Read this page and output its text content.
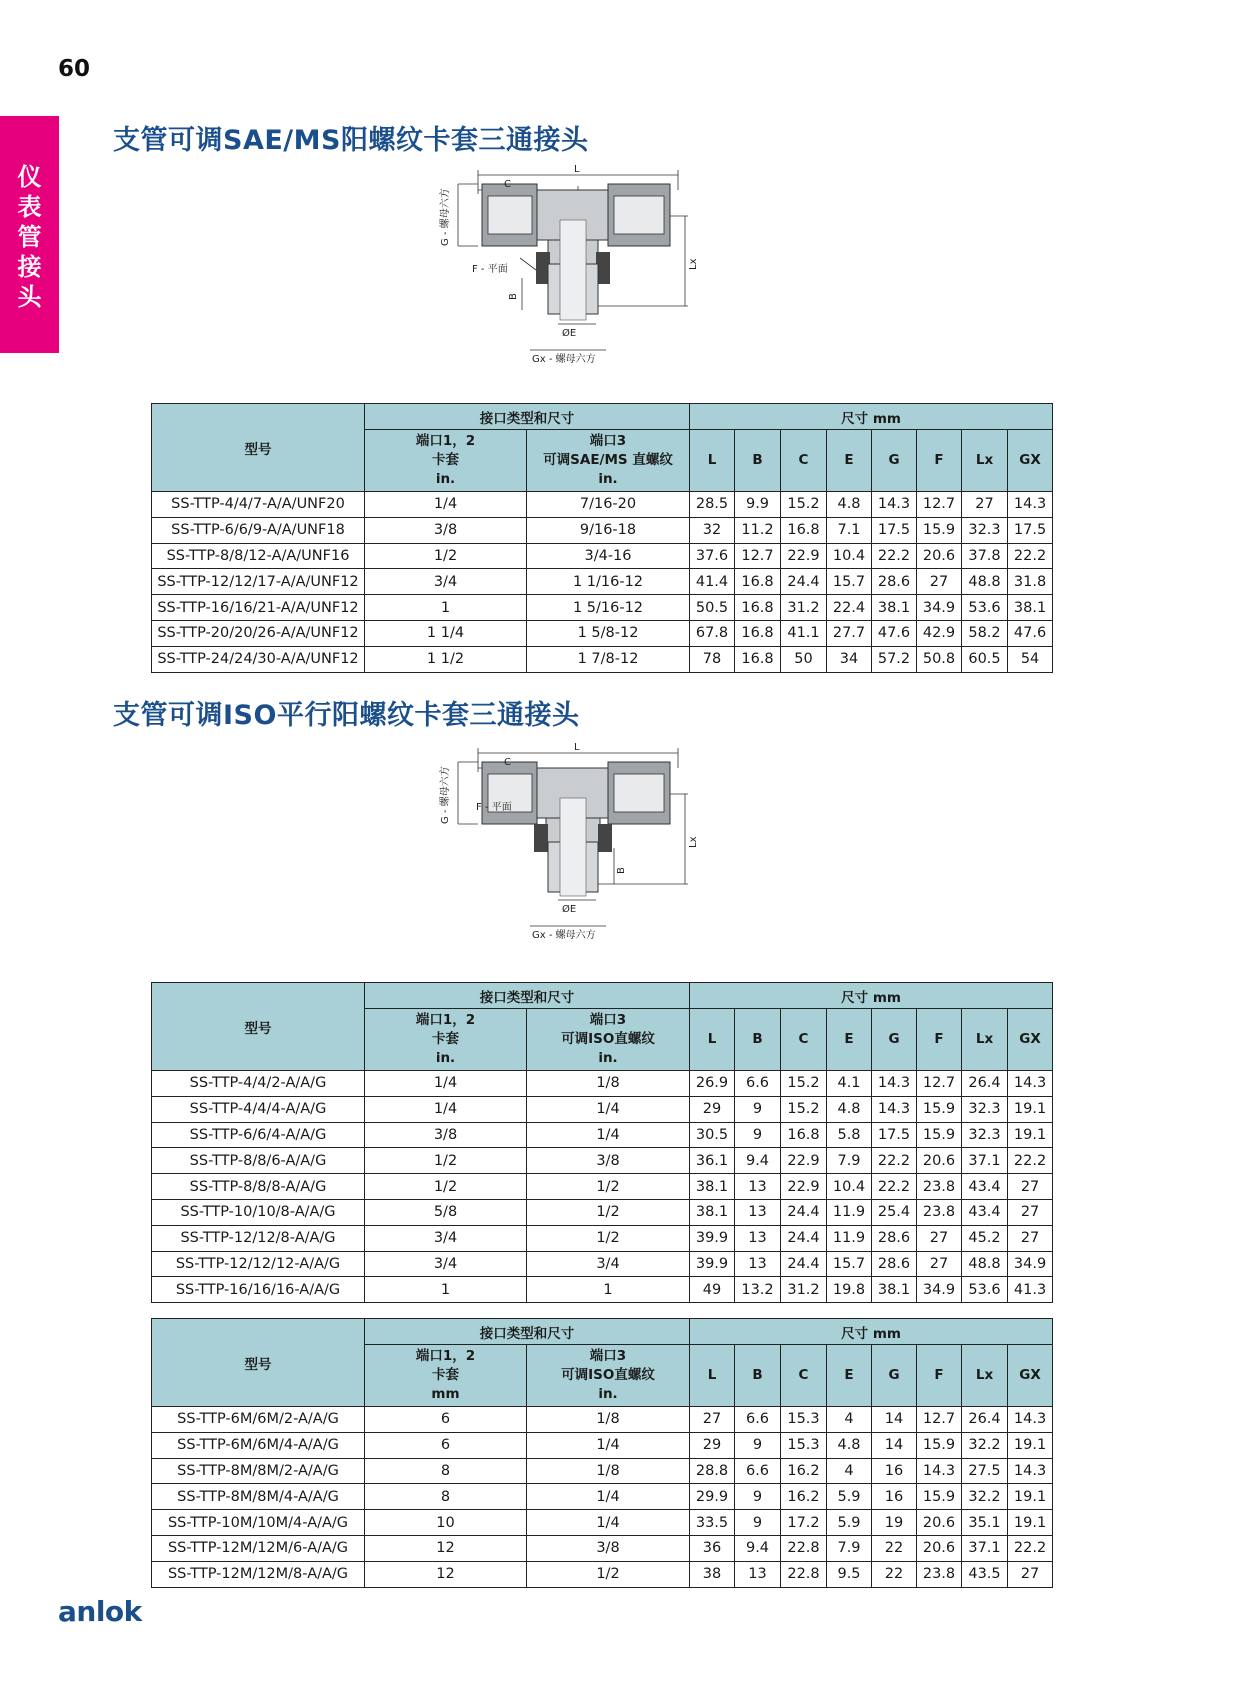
60
仪
表
管
接
头
支管可调SAE/MS阳螺纹卡套三通接头
L
C
G - 螺母六方
F - 平面
B
ØE
Gx - 螺母六方
Lx
型号	接口类型和尺寸		尺寸 mm							
	端口1，2
卡套
in.	端口3
可调SAE/MS 直螺纹
in.	L	B	C	E	G	F	Lx	GX
SS-TTP-4/4/7-A/A/UNF20	1/4	7/16-20	28.5	9.9	15.2	4.8	14.3	12.7	27	14.3
SS-TTP-6/6/9-A/A/UNF18	3/8	9/16-18	32	11.2	16.8	7.1	17.5	15.9	32.3	17.5
SS-TTP-8/8/12-A/A/UNF16	1/2	3/4-16	37.6	12.7	22.9	10.4	22.2	20.6	37.8	22.2
SS-TTP-12/12/17-A/A/UNF12	3/4	1 1/16-12	41.4	16.8	24.4	15.7	28.6	27	48.8	31.8
SS-TTP-16/16/21-A/A/UNF12	1	1 5/16-12	50.5	16.8	31.2	22.4	38.1	34.9	53.6	38.1
SS-TTP-20/20/26-A/A/UNF12	1 1/4	1 5/8-12	67.8	16.8	41.1	27.7	47.6	42.9	58.2	47.6
SS-TTP-24/24/30-A/A/UNF12	1 1/2	1 7/8-12	78	16.8	50	34	57.2	50.8	60.5	54
支管可调ISO平行阳螺纹卡套三通接头
L
C
G - 螺母六方	F - 平面
B
ØE
Gx - 螺母六方
Lx
型号	接口类型和尺寸		尺寸 mm							
	端口1，2
卡套
in.	端口3
可调ISO直螺纹
in.	L	B	C	E	G	F	Lx	GX
SS-TTP-4/4/2-A/A/G	1/4	1/8	26.9	6.6	15.2	4.1	14.3	12.7	26.4	14.3
SS-TTP-4/4/4-A/A/G	1/4	1/4	29	9	15.2	4.8	14.3	15.9	32.3	19.1
SS-TTP-6/6/4-A/A/G	3/8	1/4	30.5	9	16.8	5.8	17.5	15.9	32.3	19.1
SS-TTP-8/8/6-A/A/G	1/2	3/8	36.1	9.4	22.9	7.9	22.2	20.6	37.1	22.2
SS-TTP-8/8/8-A/A/G	1/2	1/2	38.1	13	22.9	10.4	22.2	23.8	43.4	27
SS-TTP-10/10/8-A/A/G	5/8	1/2	38.1	13	24.4	11.9	25.4	23.8	43.4	27
SS-TTP-12/12/8-A/A/G	3/4	1/2	39.9	13	24.4	11.9	28.6	27	45.2	27
SS-TTP-12/12/12-A/A/G	3/4	3/4	39.9	13	24.4	15.7	28.6	27	48.8	34.9
SS-TTP-16/16/16-A/A/G	1	1	49	13.2	31.2	19.8	38.1	34.9	53.6	41.3
型号	接口类型和尺寸		尺寸 mm							
	端口1，2
卡套
mm	端口3
可调ISO直螺纹
in.	L	B	C	E	G	F	Lx	GX
SS-TTP-6M/6M/2-A/A/G	6	1/8	27	6.6	15.3	4	14	12.7	26.4	14.3
SS-TTP-6M/6M/4-A/A/G	6	1/4	29	9	15.3	4.8	14	15.9	32.2	19.1
SS-TTP-8M/8M/2-A/A/G	8	1/8	28.8	6.6	16.2	4	16	14.3	27.5	14.3
SS-TTP-8M/8M/4-A/A/G	8	1/4	29.9	9	16.2	5.9	16	15.9	32.2	19.1
SS-TTP-10M/10M/4-A/A/G	10	1/4	33.5	9	17.2	5.9	19	20.6	35.1	19.1
SS-TTP-12M/12M/6-A/A/G	12	3/8	36	9.4	22.8	7.9	22	20.6	37.1	22.2
SS-TTP-12M/12M/8-A/A/G	12	1/2	38	13	22.8	9.5	22	23.8	43.5	27
anlok
